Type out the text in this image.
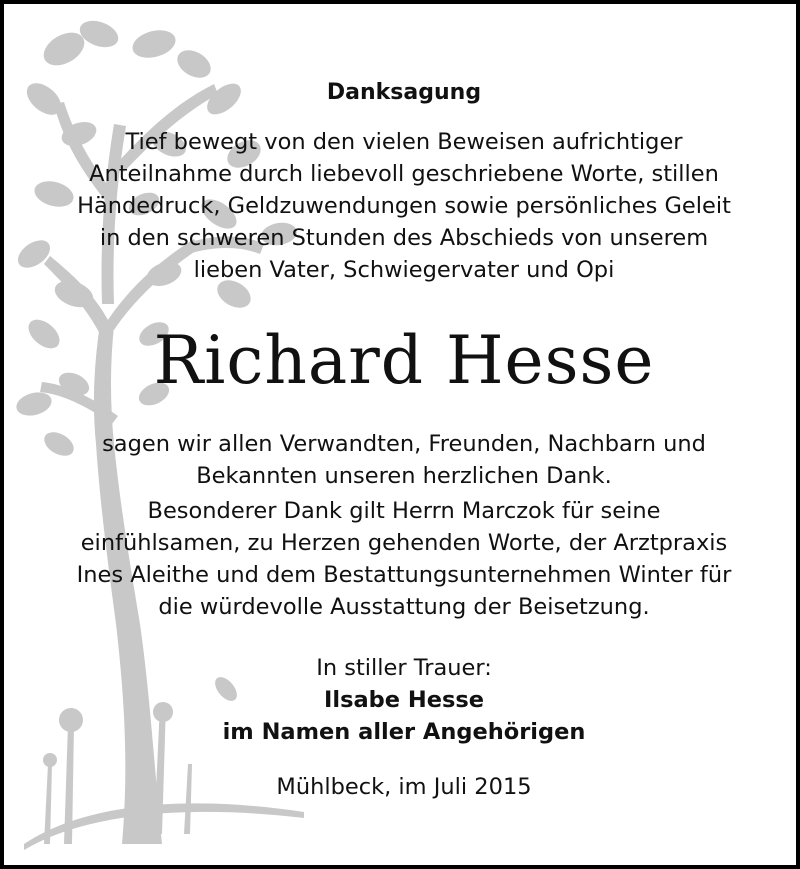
Danksagung
Tief bewegt von den vielen Beweisen aufrichtiger
Anteilnahme durch liebevoll geschriebene Worte, stillen
Händedruck, Geldzuwendungen sowie persönliches Geleit
in den schweren Stunden des Abschieds von unserem
lieben Vater, Schwiegervater und Opi
Richard Hesse
sagen wir allen Verwandten, Freunden, Nachbarn und
Bekannten unseren herzlichen Dank.
Besonderer Dank gilt Herrn Marczok für seine
einfühlsamen, zu Herzen gehenden Worte, der Arztpraxis
Ines Aleithe und dem Bestattungsunternehmen Winter für
die würdevolle Ausstattung der Beisetzung.
In stiller Trauer:
Ilsabe Hesse
im Namen aller Angehörigen
Mühlbeck, im Juli 2015
